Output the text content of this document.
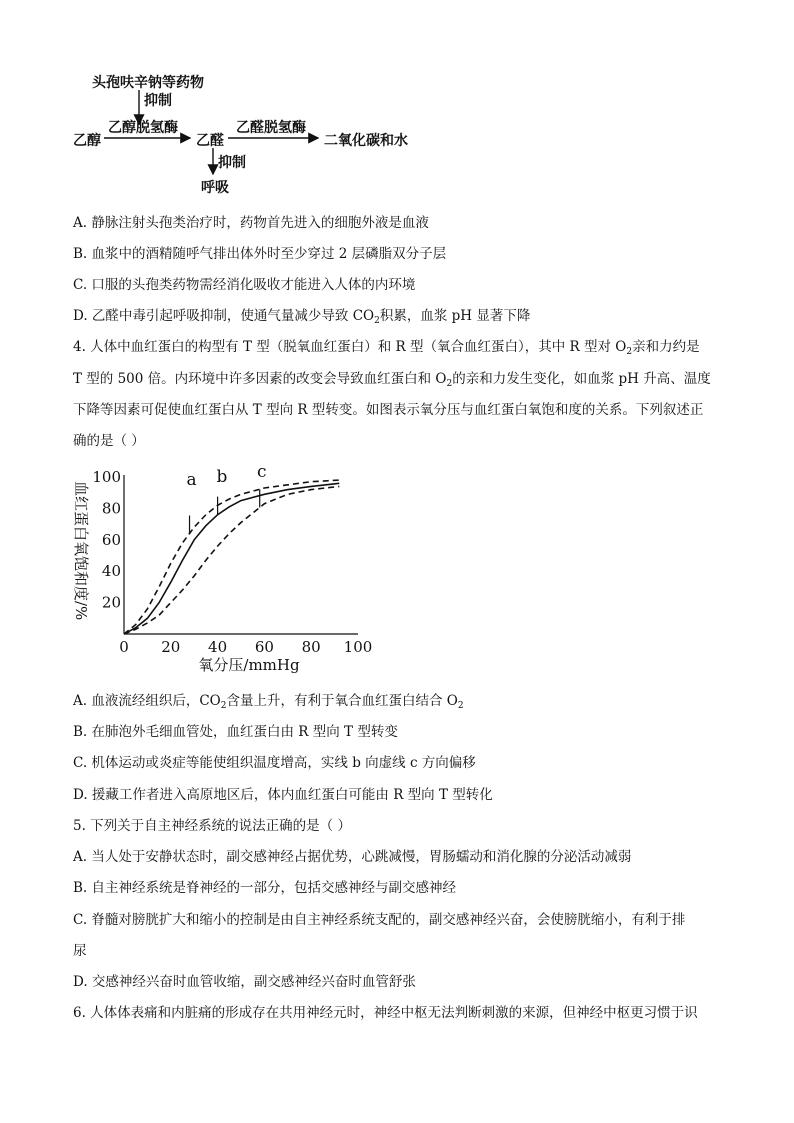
头孢呋辛钠等药物
抑制
乙醇脱氢酶	乙醛脱氢酶
乙醇	乙醛	二氧化碳和水
抑制
呼吸
A. 静脉注射头孢类治疗时，药物首先进入的细胞外液是血液
B. 血浆中的酒精随呼气排出体外时至少穿过 2 层磷脂双分子层
C. 口服的头孢类药物需经消化吸收才能进入人体的内环境
D. 乙醛中毒引起呼吸抑制，使通气量减少导致 $CO_2$积累，血浆 pH 显著下降
4. 人体中血红蛋白的构型有 T 型（脱氧血红蛋白）和 R 型（氧合血红蛋白），其中 R 型对 $O_2$亲和力约是
T 型的 500 倍。内环境中许多因素的改变会导致血红蛋白和 $O_2$的亲和力发生变化，如血浆 pH 升高、温度
下降等因素可促使血红蛋白从 T 型向 R 型转变。如图表示氧分压与血红蛋白氧饱和度的关系。下列叙述正
确的是（ ）
0 20 40 60 80 100
20
40
60
80
100
氧分压/mmHg
血红蛋白氧饱和度/%
a b c
A. 血液流经组织后，$CO_2$含量上升，有利于氧合血红蛋白结合 $O_2$
B. 在肺泡外毛细血管处，血红蛋白由 R 型向 T 型转变
C. 机体运动或炎症等能使组织温度增高，实线 b 向虚线 c 方向偏移
D. 援藏工作者进入高原地区后，体内血红蛋白可能由 R 型向 T 型转化
5. 下列关于自主神经系统的说法正确的是（ ）
A. 当人处于安静状态时，副交感神经占据优势，心跳减慢，胃肠蠕动和消化腺的分泌活动减弱
B. 自主神经系统是脊神经的一部分，包括交感神经与副交感神经
C. 脊髓对膀胱扩大和缩小的控制是由自主神经系统支配的，副交感神经兴奋，会使膀胱缩小，有利于排
尿
D. 交感神经兴奋时血管收缩，副交感神经兴奋时血管舒张
6. 人体体表痛和内脏痛的形成存在共用神经元时，神经中枢无法判断刺激的来源，但神经中枢更习惯于识
